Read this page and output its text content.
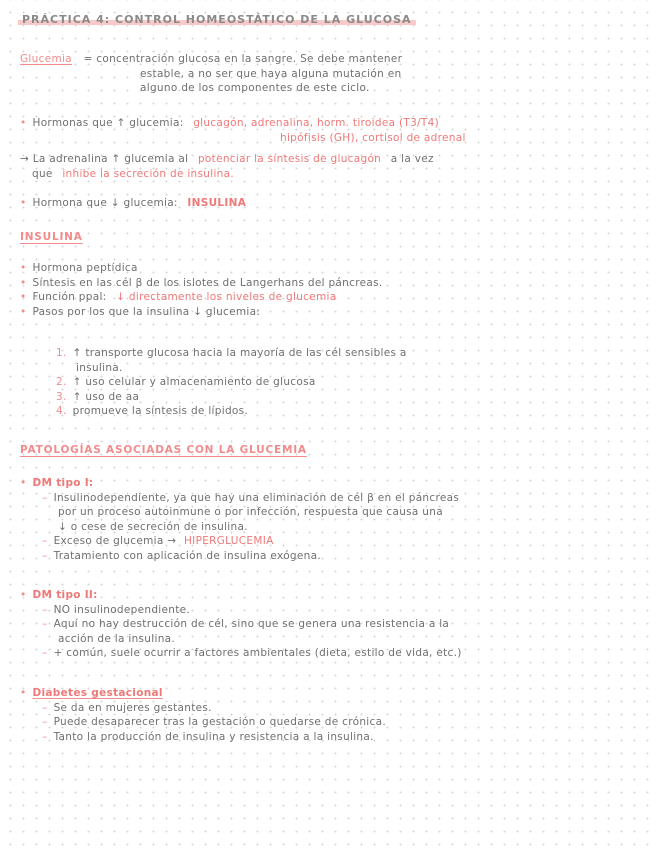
PRÁCTICA 4: CONTROL HOMEOSTÁTICO DE LA GLUCOSA
Glucemia = concentración glucosa en la sangre. Se debe mantener
estable, a no ser que haya alguna mutación en
alguno de los componentes de este ciclo.
• Hormonas que ↑ glucemia: glucagón, adrenalina, horm. tiroidea (T3/T4)
hipófisis (GH), cortisol de adrenal
→ La adrenalina ↑ glucemia al potenciar la síntesis de glucagón a la vez
que inhibe la secreción de insulina.
• Hormona que ↓ glucemia: INSULINA
INSULINA
• Hormona peptídica
• Síntesis en las cél β de los islotes de Langerhans del páncreas.
• Función ppal: ↓ directamente los niveles de glucemia
• Pasos por los que la insulina ↓ glucemia:
1. ↑ transporte glucosa hacia la mayoría de las cél sensibles a
insulina.
2. ↑ uso celular y almacenamiento de glucosa
3. ↑ uso de aa
4. promueve la síntesis de lípidos.
PATOLOGÍAS ASOCIADAS CON LA GLUCEMIA
• DM tipo I:
– Insulinodependiente, ya que hay una eliminación de cél β en el páncreas
por un proceso autoinmune o por infección, respuesta que causa una
↓ o cese de secreción de insulina.
– Exceso de glucemia → HIPERGLUCEMIA
– Tratamiento con aplicación de insulina exógena.
• DM tipo II:
– NO insulinodependiente.
– Aquí no hay destrucción de cél, sino que se genera una resistencia a la
acción de la insulina.
– + común, suele ocurrir a factores ambientales (dieta, estilo de vida, etc.)
• Diabetes gestacional
– Se da en mujeres gestantes.
– Puede desaparecer tras la gestación o quedarse de crónica.
– Tanto la producción de insulina y resistencia a la insulina.
